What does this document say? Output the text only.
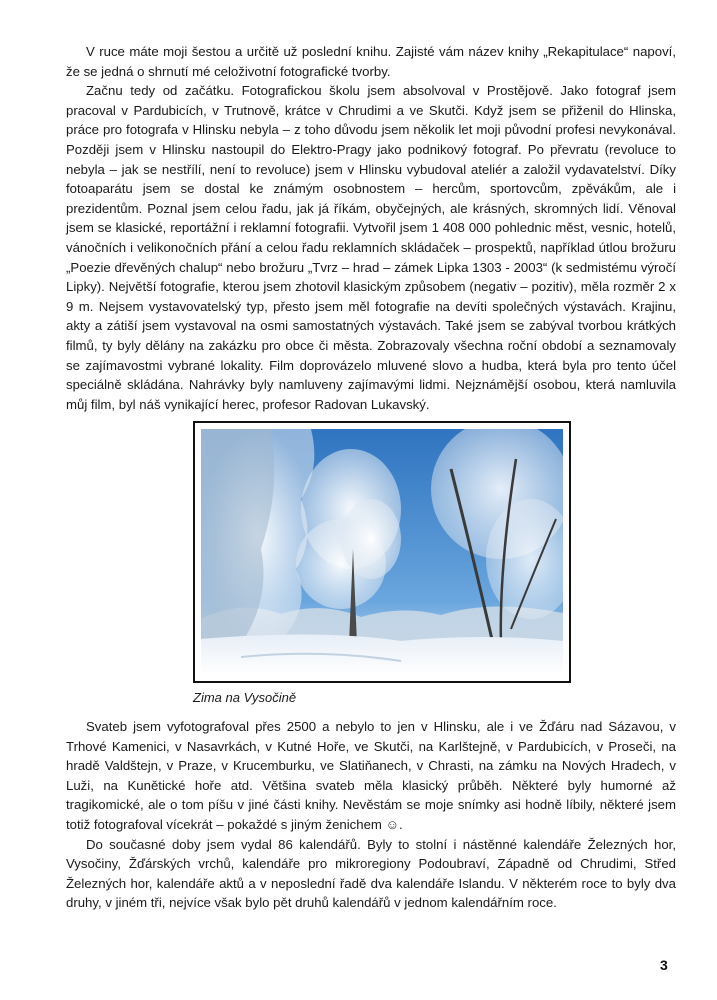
V ruce máte moji šestou a určitě už poslední knihu. Zajisté vám název knihy „Rekapitulace“ napoví, že se jedná o shrnutí mé celoživotní fotografické tvorby.

Začnu tedy od začátku. Fotografickou školu jsem absolvoval v Prostějově. Jako fotograf jsem pracoval v Pardubicích, v Trutnově, krátce v Chrudimi a ve Skutči. Když jsem se přiženil do Hlinska, práce pro fotografa v Hlinsku nebyla – z toho důvodu jsem několik let moji původní profesi nevykonával. Později jsem v Hlinsku nastoupil do Elektro-Pragy jako podnikový fotograf. Po převratu (revoluce to nebyla – jak se nestřílí, není to revoluce) jsem v Hlinsku vybudoval ateliér a založil vydavatelství. Díky fotoaparátu jsem se dostal ke známým osobnostem – hercům, sportovcům, zpěvákům, ale i prezidentům. Poznal jsem celou řadu, jak já říkám, obyčejných, ale krásných, skromných lidí. Věnoval jsem se klasické, reportážní i reklamní fotografii. Vytvořil jsem 1 408 000 pohlednic měst, vesnic, hotelů, vánočních i velikonočních přání a celou řadu reklamních skládaček – prospektů, například útlou brožuru „Poezie dřevěných chalup“ nebo brožuru „Tvrz – hrad – zámek Lipka 1303 - 2003“ (k sedmistému výročí Lipky). Největší fotografie, kterou jsem zhotovil klasickým způsobem (negativ – pozitiv), měla rozměr 2 x 9 m. Nejsem vystavovatelský typ, přesto jsem měl fotografie na devíti společných výstavách. Krajinu, akty a zátiší jsem vystavoval na osmi samostatných výstavách. Také jsem se zabýval tvorbou krátkých filmů, ty byly dělány na zakázku pro obce či města. Zobrazovaly všechna roční období a seznamovaly se zajímavostmi vybrané lokality. Film doprovázelo mluvené slovo a hudba, která byla pro tento účel speciálně skládána. Nahrávky byly namluveny zajímavými lidmi. Nejznámější osobou, která namluvila můj film, byl náš vynikající herec, profesor Radovan Lukavský.

Zima na Vysočině

Svateb jsem vyfotografoval přes 2500 a nebylo to jen v Hlinsku, ale i ve Žďáru nad Sázavou, v Trhové Kamenici, v Nasavrkách, v Kutné Hoře, ve Skutči, na Karlštejně, v Pardubicích, v Proseči, na hradě Valdštejn, v Praze, v Krucemburku, ve Slatiňanech, v Chrasti, na zámku na Nových Hradech, v Luži, na Kunětické hoře atd. Většina svateb měla klasický průběh. Některé byly humorné až tragikomické, ale o tom píšu v jiné části knihy. Nevěstám se moje snímky asi hodně líbily, některé jsem totiž fotografoval vícekrát – pokaždé s jiným ženichem ☺.

Do současné doby jsem vydal 86 kalendářů. Byly to stolní i nástěnné kalendáře Železných hor, Vysočiny, Žďárských vrchů, kalendáře pro mikroregiony Podoubraví, Západně od Chrudimi, Střed Železných hor, kalendáře aktů a v neposlední řadě dva kalendáře Islandu. V některém roce to byly dva druhy, v jiném tři, nejvíce však bylo pět druhů kalendářů v jednom kalendářním roce.

3
